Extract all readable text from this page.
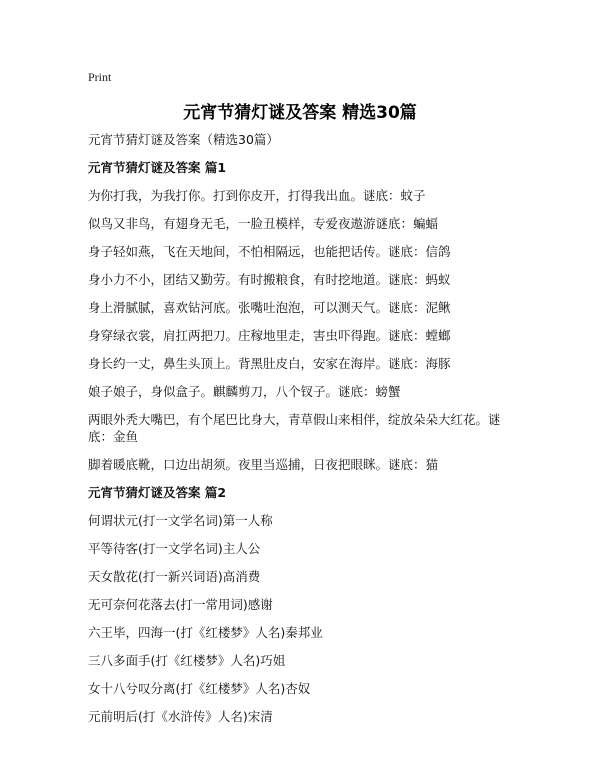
Print
元宵节猜灯谜及答案 精选30篇

元宵节猜灯谜及答案（精选30篇）

元宵节猜灯谜及答案 篇1

为你打我，为我打你。打到你皮开，打得我出血。谜底：蚊子

似鸟又非鸟，有翅身无毛，一脸丑模样，专爱夜遨游谜底：蝙蝠

身子轻如燕，飞在天地间，不怕相隔远，也能把话传。谜底：信鸽

身小力不小，团结又勤劳。有时搬粮食，有时挖地道。谜底：蚂蚁

身上滑腻腻，喜欢钻河底。张嘴吐泡泡，可以测天气。谜底：泥鳅

身穿绿衣裳，肩扛两把刀。庄稼地里走，害虫吓得跑。谜底：螳螂

身长约一丈，鼻生头顶上。背黑肚皮白，安家在海岸。谜底：海豚

娘子娘子，身似盒子。麒麟剪刀，八个钗子。谜底：螃蟹

两眼外秃大嘴巴，有个尾巴比身大，青草假山来相伴，绽放朵朵大红花。谜底：金鱼

脚着暖底靴，口边出胡须。夜里当巡捕，日夜把眼眯。谜底：猫

元宵节猜灯谜及答案 篇2

何谓状元(打一文学名词)第一人称

平等待客(打一文学名词)主人公

天女散花(打一新兴词语)高消费

无可奈何花落去(打一常用词)感谢

六王毕，四海一(打《红楼梦》人名)秦邦业

三八多面手(打《红楼梦》人名)巧姐

女十八兮叹分离(打《红楼梦》人名)杏奴

元前明后(打《水浒传》人名)宋清
